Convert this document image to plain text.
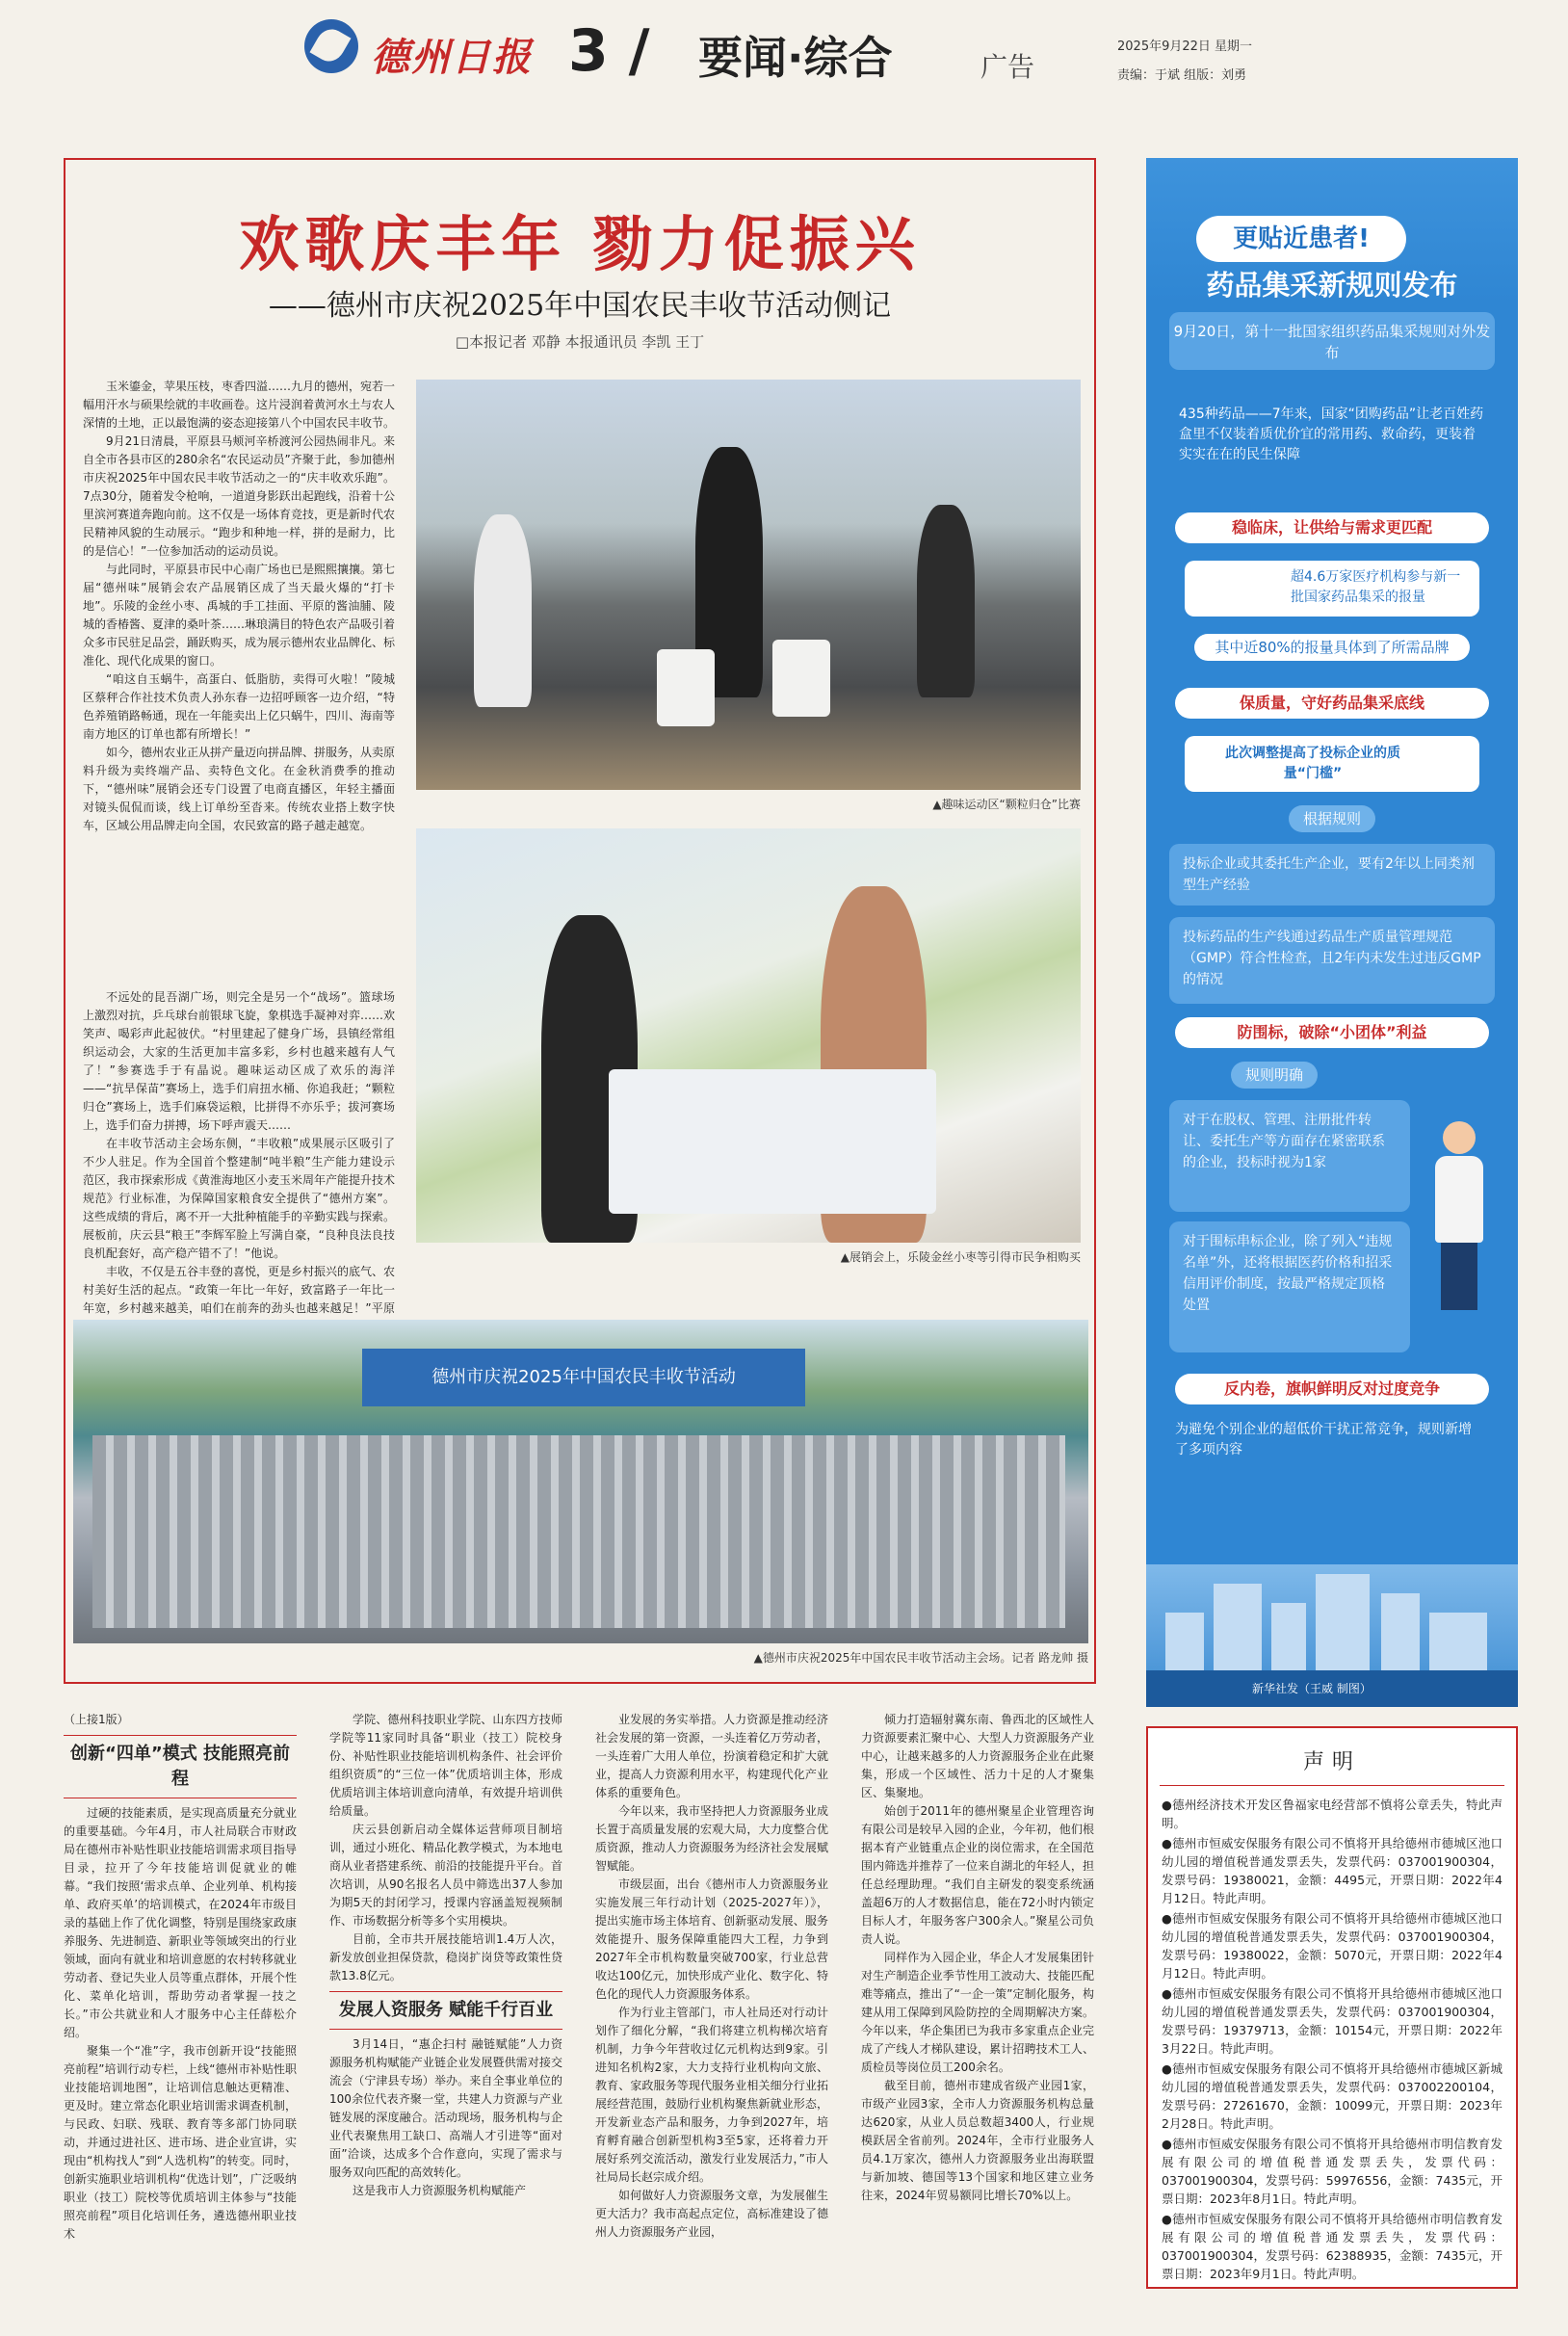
德州日报 3 / 要闻·综合	广告
2025年9月22日 星期一
责编：于斌 组版：刘勇
欢歌庆丰年 勠力促振兴
——德州市庆祝2025年中国农民丰收节活动侧记
□本报记者 邓静 本报通讯员 李凯 王丁

玉米鎏金，苹果压枝，枣香四溢……九月的德州，宛若一幅用汗水与硕果绘就的丰收画卷。这片浸润着黄河水土与农人深情的土地，正以最饱满的姿态迎接第八个中国农民丰收节。

9月21日清晨，平原县马颊河辛桥渡河公园热闹非凡。来自全市各县市区的280余名“农民运动员”齐聚于此，参加德州市庆祝2025年中国农民丰收节活动之一的“庆丰收欢乐跑”。7点30分，随着发令枪响，一道道身影跃出起跑线，沿着十公里滨河赛道奔跑向前。这不仅是一场体育竞技，更是新时代农民精神风貌的生动展示。“跑步和种地一样，拼的是耐力，比的是信心！”一位参加活动的运动员说。

与此同时，平原县市民中心南广场也已是熙熙攘攘。第七届“德州味”展销会农产品展销区成了当天最火爆的“打卡地”。乐陵的金丝小枣、禹城的手工挂面、平原的酱油脯、陵城的香椿酱、夏津的桑叶茶……琳琅满目的特色农产品吸引着众多市民驻足品尝，踊跃购买，成为展示德州农业品牌化、标准化、现代化成果的窗口。

“咱这自玉蜗牛，高蛋白、低脂肪，卖得可火啦！”陵城区蔡秤合作社技术负责人孙东春一边招呼顾客一边介绍，“特色养殖销路畅通，现在一年能卖出上亿只蜗牛，四川、海南等南方地区的订单也都有所增长！”

如今，德州农业正从拼产量迈向拼品牌、拼服务，从卖原料升级为卖终端产品、卖特色文化。在金秋消费季的推动下，“德州味”展销会还专门设置了电商直播区，年轻主播面对镜头侃侃而谈，线上订单纷至沓来。传统农业搭上数字快车，区域公用品牌走向全国，农民致富的路子越走越宽。

不远处的昆吾湖广场，则完全是另一个“战场”。篮球场上激烈对抗，乒乓球台前银球飞旋，象棋选手凝神对弈……欢笑声、喝彩声此起彼伏。“村里建起了健身广场，县镇经常组织运动会，大家的生活更加丰富多彩，乡村也越来越有人气了！”参赛选手于有晶说。趣味运动区成了欢乐的海洋——“抗旱保苗”赛场上，选手们肩扭水桶、你追我赶；“颗粒归仓”赛场上，选手们麻袋运粮，比拼得不亦乐乎；拔河赛场上，选手们奋力拼搏，场下呼声震天……

在丰收节活动主会场东侧，“丰收粮”成果展示区吸引了不少人驻足。作为全国首个整建制“吨半粮”生产能力建设示范区，我市探索形成《黄淮海地区小麦玉米周年产能提升技术规范》行业标准，为保障国家粮食安全提供了“德州方案”。这些成绩的背后，离不开一大批种植能手的辛勤实践与探索。展板前，庆云县“粮王”李辉军脸上写满自豪，“良种良法良技良机配套好，高产稳产错不了！”他说。

丰收，不仅是五谷丰登的喜悦，更是乡村振兴的底气、农村美好生活的起点。“政策一年比一年好，致富路子一年比一年宽，乡村越来越美，咱们在前奔的劲头也越来越足！”平原

▲趣味运动区“颗粒归仓”比赛
▲展销会上，乐陵金丝小枣等引得市民争相购买
德州市庆祝2025年中国农民丰收节活动
▲德州市庆祝2025年中国农民丰收节活动主会场。记者 路龙帅 摄
更贴近患者!
药品集采新规则发布
9月20日，第十一批国家组织药品集采规则对外发布
435种药品——7年来，国家“团购药品”让老百姓药盒里不仅装着质优价宜的常用药、救命药，更装着实实在在的民生保障
稳临床，让供给与需求更匹配
超4.6万家医疗机构参与新一批国家药品集采的报量
其中近80%的报量具体到了所需品牌
保质量，守好药品集采底线
此次调整提高了投标企业的质量“门槛”
根据规则
投标企业或其委托生产企业，要有2年以上同类剂型生产经验
投标药品的生产线通过药品生产质量管理规范（GMP）符合性检查，且2年内未发生过违反GMP的情况
防围标，破除“小团体”利益
规则明确
对于在股权、管理、注册批件转让、委托生产等方面存在紧密联系的企业，投标时视为1家
对于围标串标企业，除了列入“违规名单”外，还将根据医药价格和招采信用评价制度，按最严格规定顶格处置
反内卷，旗帜鲜明反对过度竞争
为避免个别企业的超低价干扰正常竞争，规则新增了多项内容
新华社发（王威 制图）
（上接1版）
创新“四单”模式 技能照亮前程

过硬的技能素质，是实现高质量充分就业的重要基础。今年4月，市人社局联合市财政局在德州市补贴性职业技能培训需求项目指导目录，拉开了今年技能培训促就业的帷幕。“我们按照‘需求点单、企业列单、机构接单、政府买单’的培训模式，在2024年市级目录的基础上作了优化调整，特别是围绕家政康养服务、先进制造、新职业等领域突出的行业领域，面向有就业和培训意愿的农村转移就业劳动者、登记失业人员等重点群体，开展个性化、菜单化培训，帮助劳动者掌握一技之长。”市公共就业和人才服务中心主任薛松介绍。

聚集一个“准”字，我市创新开设“技能照亮前程”培训行动专栏，上线“德州市补贴性职业技能培训地图”，让培训信息触达更精准、更及时。建立常态化职业培训需求调查机制，与民政、妇联、残联、教育等多部门协同联动，并通过进社区、进市场、进企业宣讲，实现由“机构找人”到“人选机构”的转变。同时，创新实施职业培训机构“优选计划”，广泛吸纳职业（技工）院校等优质培训主体参与“技能照亮前程”项目化培训任务，遴选德州职业技术

学院、德州科技职业学院、山东四方技师学院等11家同时具备“职业（技工）院校身份、补贴性职业技能培训机构条件、社会评价组织资质”的“三位一体”优质培训主体，形成优质培训主体培训意向清单，有效提升培训供给质量。

庆云县创新启动全媒体运营师项目制培训，通过小班化、精品化教学模式，为本地电商从业者搭建系统、前沿的技能提升平台。首次培训，从90名报名人员中筛选出37人参加为期5天的封闭学习，授课内容涵盖短视频制作、市场数据分析等多个实用模块。

目前，全市共开展技能培训1.4万人次，新发放创业担保贷款，稳岗扩岗贷等政策性贷款13.8亿元。

发展人资服务 赋能千行百业

3月14日，“惠企扫村 融链赋能”人力资源服务机构赋能产业链企业发展暨供需对接交流会（宁津县专场）举办。来自全事业单位的100余位代表齐聚一堂，共建人力资源与产业链发展的深度融合。活动现场，服务机构与企业代表聚焦用工缺口、高端人才引进等“面对面”洽谈，达成多个合作意向，实现了需求与服务双向匹配的高效转化。

这是我市人力资源服务机构赋能产

业发展的务实举措。人力资源是推动经济社会发展的第一资源，一头连着亿万劳动者，一头连着广大用人单位，扮演着稳定和扩大就业，提高人力资源利用水平，构建现代化产业体系的重要角色。

今年以来，我市坚持把人力资源服务业成长置于高质量发展的宏观大局，大力度整合优质资源，推动人力资源服务为经济社会发展赋智赋能。

市级层面，出台《德州市人力资源服务业实施发展三年行动计划（2025-2027年）》，提出实施市场主体培育、创新驱动发展、服务效能提升、服务保障重能四大工程，力争到2027年全市机构数量突破700家，行业总营收达100亿元，加快形成产业化、数字化、特色化的现代人力资源服务体系。

作为行业主管部门，市人社局还对行动计划作了细化分解，“我们将建立机构梯次培育机制，力争今年营收过亿元机构达到9家。引进知名机构2家，大力支持行业机构向文旅、教育、家政服务等现代服务业相关细分行业拓展经营范围，鼓励行业机构聚焦新就业形态，开发新业态产品和服务，力争到2027年，培育孵育融合创新型机构3至5家，还将着力开展好系列交流活动，激发行业发展活力，”市人社局局长赵宗成介绍。

如何做好人力资源服务文章，为发展催生更大活力？我市高起点定位，高标准建设了德州人力资源服务产业园，

倾力打造辐射冀东南、鲁西北的区域性人力资源要素汇聚中心、大型人力资源服务产业中心，让越来越多的人力资源服务企业在此聚集，形成一个区域性、活力十足的人才聚集区、集聚地。

始创于2011年的德州聚星企业管理咨询有限公司是较早入园的企业，今年初，他们根据本育产业链重点企业的岗位需求，在全国范围内筛选并推荐了一位来自湖北的年轻人，担任总经理助理。“我们自主研发的裂变系统涵盖超6万的人才数据信息，能在72小时内锁定目标人才，年服务客户300余人。”聚星公司负责人说。

同样作为入园企业，华企人才发展集团针对生产制造企业季节性用工波动大、技能匹配难等痛点，推出了“一企一策”定制化服务，构建从用工保障到风险防控的全周期解决方案。今年以来，华企集团已为我市多家重点企业完成了产线人才梯队建设，累计招聘技术工人、质检员等岗位员工200余名。

截至目前，德州市建成省级产业园1家，市级产业园3家，全市人力资源服务机构总量达620家，从业人员总数超3400人，行业规模跃居全省前列。2024年，全市行业服务人员4.1万家次，德州人力资源服务业出海联盟与新加坡、德国等13个国家和地区建立业务往来，2024年贸易额同比增长70%以上。

声明

●德州经济技术开发区鲁福家电经营部不慎将公章丢失，特此声明。

●德州市恒威安保服务有限公司不慎将开具给德州市德城区池口幼儿园的增值税普通发票丢失，发票代码：037001900304，发票号码：19380021，金额：4495元，开票日期：2022年4月12日。特此声明。

●德州市恒威安保服务有限公司不慎将开具给德州市德城区池口幼儿园的增值税普通发票丢失，发票代码：037001900304，发票号码：19380022，金额：5070元，开票日期：2022年4月12日。特此声明。

●德州市恒威安保服务有限公司不慎将开具给德州市德城区池口幼儿园的增值税普通发票丢失，发票代码：037001900304，发票号码：19379713，金额：10154元，开票日期：2022年3月22日。特此声明。

●德州市恒威安保服务有限公司不慎将开具给德州市德城区新城幼儿园的增值税普通发票丢失，发票代码：037002200104，发票号码：27261670，金额：10099元，开票日期：2023年2月28日。特此声明。

●德州市恒威安保服务有限公司不慎将开具给德州市明信教育发展有限公司的增值税普通发票丢失，发票代码：037001900304，发票号码：59976556，金额：7435元，开票日期：2023年8月1日。特此声明。

●德州市恒威安保服务有限公司不慎将开具给德州市明信教育发展有限公司的增值税普通发票丢失，发票代码：037001900304，发票号码：62388935，金额：7435元，开票日期：2023年9月1日。特此声明。
